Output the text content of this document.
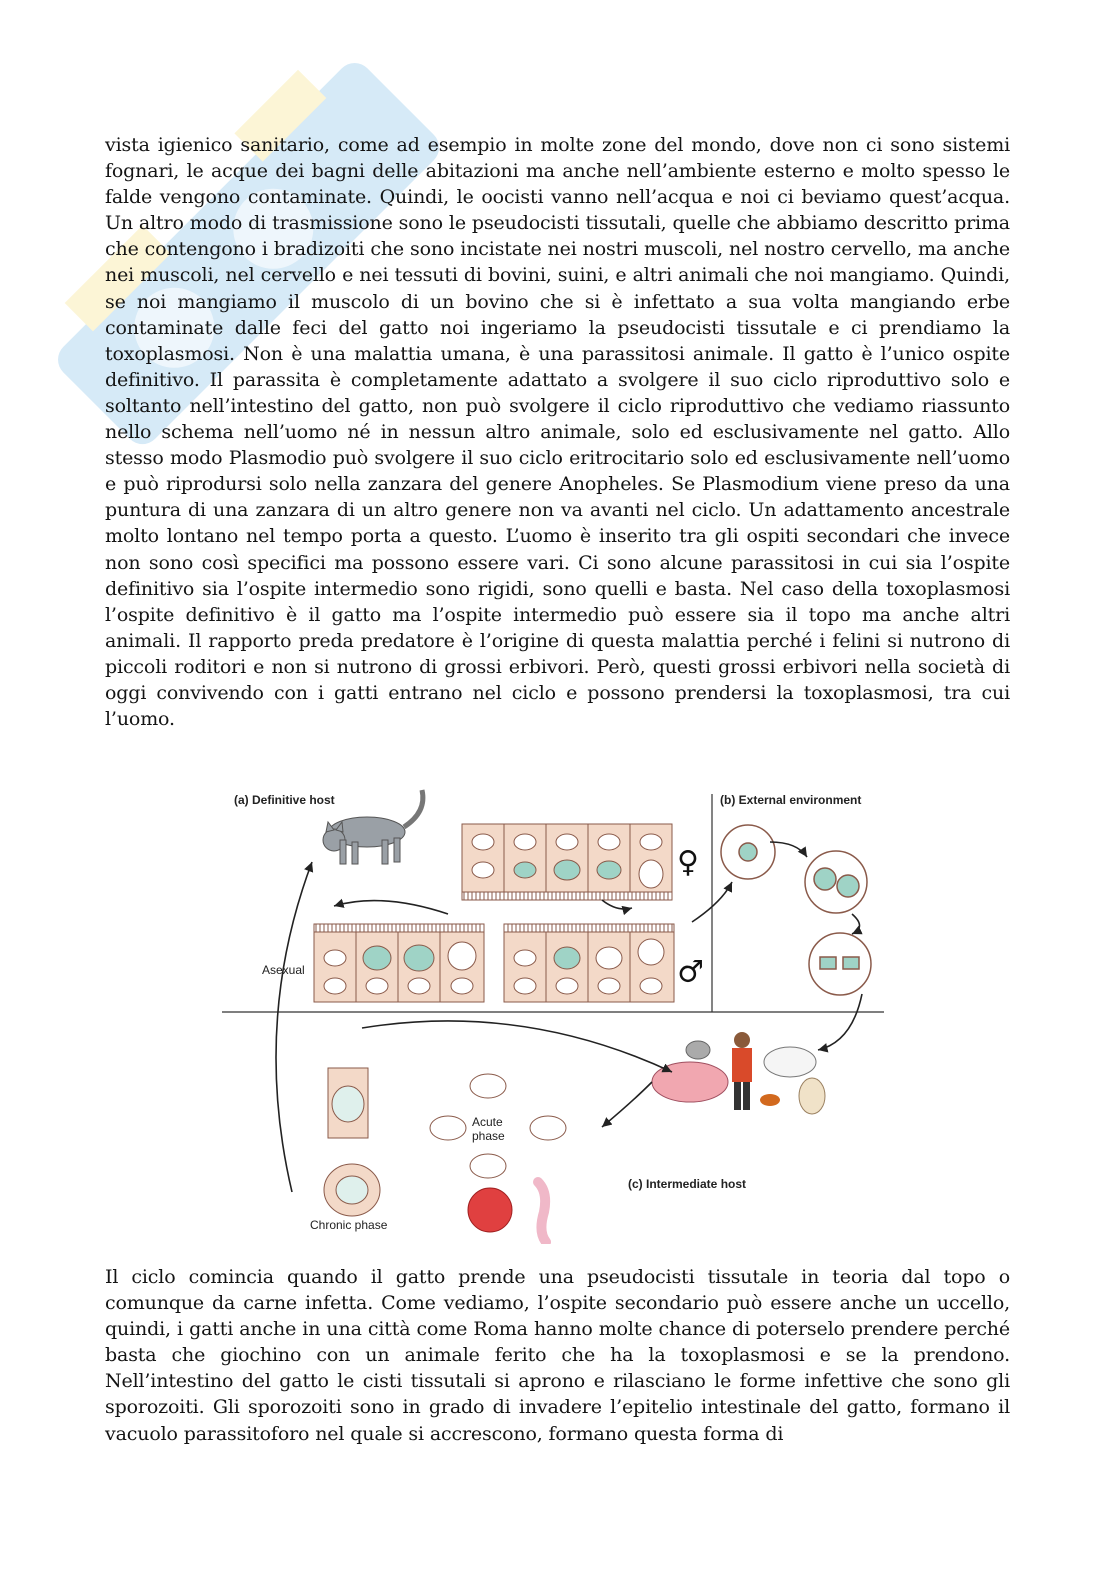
vista igienico sanitario, come ad esempio in molte zone del mondo, dove non ci sono sistemi fognari, le acque dei bagni delle abitazioni ma anche nell’ambiente esterno e molto spesso le falde vengono contaminate. Quindi, le oocisti vanno nell’acqua e noi ci beviamo quest’acqua. Un altro modo di trasmissione sono le pseudocisti tissutali, quelle che abbiamo descritto prima che contengono i bradizoiti che sono incistate nei nostri muscoli, nel nostro cervello, ma anche nei muscoli, nel cervello e nei tessuti di bovini, suini, e altri animali che noi mangiamo. Quindi, se noi mangiamo il muscolo di un bovino che si è infettato a sua volta mangiando erbe contaminate dalle feci del gatto noi ingeriamo la pseudocisti tissutale e ci prendiamo la toxoplasmosi. Non è una malattia umana, è una parassitosi animale. Il gatto è l’unico ospite definitivo. Il parassita è completamente adattato a svolgere il suo ciclo riproduttivo solo e soltanto nell’intestino del gatto, non può svolgere il ciclo riproduttivo che vediamo riassunto nello schema nell’uomo né in nessun altro animale, solo ed esclusivamente nel gatto. Allo stesso modo Plasmodio può svolgere il suo ciclo eritrocitario solo ed esclusivamente nell’uomo e può riprodursi solo nella zanzara del genere Anopheles. Se Plasmodium viene preso da una puntura di una zanzara di un altro genere non va avanti nel ciclo. Un adattamento ancestrale molto lontano nel tempo porta a questo. L’uomo è inserito tra gli ospiti secondari che invece non sono così specifici ma possono essere vari. Ci sono alcune parassitosi in cui sia l’ospite definitivo sia l’ospite intermedio sono rigidi, sono quelli e basta. Nel caso della toxoplasmosi l’ospite definitivo è il gatto ma l’ospite intermedio può essere sia il topo ma anche altri animali. Il rapporto preda predatore è l’origine di questa malattia perché i felini si nutrono di piccoli roditori e non si nutrono di grossi erbivori. Però, questi grossi erbivori nella società di oggi convivendo con i gatti entrano nel ciclo e possono prendersi la toxoplasmosi, tra cui l’uomo.

(a) Definitive host	(b) External environment
(c) Intermediate host
Asexual
Acute
phase
Chronic phase
♀
♂

Il ciclo comincia quando il gatto prende una pseudocisti tissutale in teoria dal topo o comunque da carne infetta. Come vediamo, l’ospite secondario può essere anche un uccello, quindi, i gatti anche in una città come Roma hanno molte chance di poterselo prendere perché basta che giochino con un animale ferito che ha la toxoplasmosi e se la prendono. Nell’intestino del gatto le cisti tissutali si aprono e rilasciano le forme infettive che sono gli sporozoiti. Gli sporozoiti sono in grado di invadere l’epitelio intestinale del gatto, formano il vacuolo parassitoforo nel quale si accrescono, formano questa forma di
